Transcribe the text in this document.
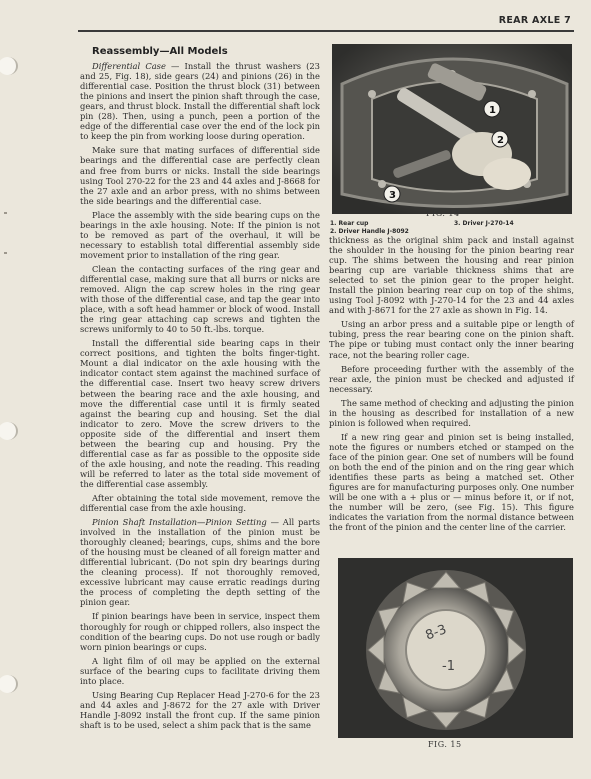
REAR AXLE 7

Reassembly—All Models

Differential Case — Install the thrust washers (23 and 25, Fig. 18), side gears (24) and pinions (26) in the differential case. Position the thrust block (31) between the pinions and insert the pinion shaft through the case, gears, and thrust block. Install the differential shaft lock pin (28). Then, using a punch, peen a portion of the edge of the differential case over the end of the lock pin to keep the pin from working loose during operation.

Make sure that mating surfaces of differential side bearings and the differential case are perfectly clean and free from burrs or nicks. Install the side bearings using Tool 270-22 for the 23 and 44 axles and J-8668 for the 27 axle and an arbor press, with no shims between the side bearings and the differential case.

Place the assembly with the side bearing cups on the bearings in the axle housing. Note: If the pinion is not to be removed as part of the overhaul, it will be necessary to establish total differential assembly side movement prior to installation of the ring gear.

Clean the contacting surfaces of the ring gear and differential case, making sure that all burrs or nicks are removed. Align the cap screw holes in the ring gear with those of the differential case, and tap the gear into place, with a soft head hammer or block of wood. Install the ring gear attaching cap screws and tighten the screws uniformly to 40 to 50 ft.-lbs. torque.

Install the differential side bearing caps in their correct positions, and tighten the bolts finger-tight. Mount a dial indicator on the axle housing with the indicator contact stem against the machined surface of the differential case. Insert two heavy screw drivers between the bearing race and the axle housing, and move the differential case until it is firmly seated against the bearing cup and housing. Set the dial indicator to zero. Move the screw drivers to the opposite side of the differential and insert them between the bearing cup and housing. Pry the differential case as far as possible to the opposite side of the axle housing, and note the reading. This reading will be referred to later as the total side movement of the differential case assembly.

After obtaining the total side movement, remove the differential case from the axle housing.

Pinion Shaft Installation—Pinion Setting — All parts involved in the installation of the pinion must be thoroughly cleaned; bearings, cups, shims and the bore of the housing must be cleaned of all foreign matter and differential lubricant. (Do not spin dry bearings during the cleaning process). If not thoroughly removed, excessive lubricant may cause erratic readings during the process of completing the depth setting of the pinion gear.

If pinion bearings have been in service, inspect them thoroughly for rough or chipped rollers, also inspect the condition of the bearing cups. Do not use rough or badly worn pinion bearings or cups.

A light film of oil may be applied on the external surface of the bearing cups to facilitate driving them into place.

Using Bearing Cup Replacer Head J-270-6 for the 23 and 44 axles and J-8672 for the 27 axle with Driver Handle J-8092 install the front cup. If the same pinion shaft is to be used, select a shim pack that is the same

1
2
3
FIG. 14
1. Rear cup
2. Driver Handle J-8092
3. Driver J-270-14

thickness as the original shim pack and install against the shoulder in the housing for the pinion bearing rear cup. The shims between the housing and rear pinion bearing cup are variable thickness shims that are selected to set the pinion gear to the proper height. Install the pinion bearing rear cup on top of the shims, using Tool J-8092 with J-270-14 for the 23 and 44 axles and with J-8671 for the 27 axle as shown in Fig. 14.

Using an arbor press and a suitable pipe or length of tubing, press the rear bearing cone on the pinion shaft. The pipe or tubing must contact only the inner bearing race, not the bearing roller cage.

Before proceeding further with the assembly of the rear axle, the pinion must be checked and adjusted if necessary.

The same method of checking and adjusting the pinion in the housing as described for installation of a new pinion is followed when required.

If a new ring gear and pinion set is being installed, note the figures or numbers etched or stamped on the face of the pinion gear. One set of numbers will be found on both the end of the pinion and on the ring gear which identifies these parts as being a matched set. Other figures are for manufacturing purposes only. One number will be one with a + plus or — minus before it, or if not, the number will be zero, (see Fig. 15). This figure indicates the variation from the normal distance between the front of the pinion and the center line of the carrier.

8-3
-1
FIG. 15
